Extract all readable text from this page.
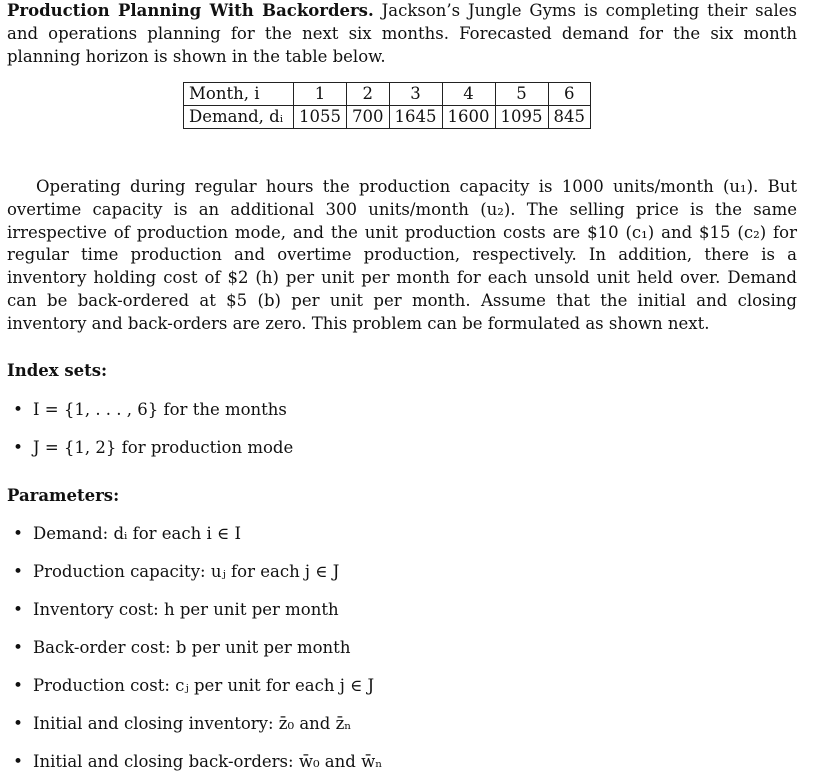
Production Planning With Backorders. Jackson’s Jungle Gyms is completing their sales and operations planning for the next six months. Forecasted demand for the six month planning horizon is shown in the table below.

Month, i	1	2	3	4	5	6
Demand, dᵢ	1055	700	1645	1600	1095	845

Operating during regular hours the production capacity is 1000 units/month (u₁). But overtime capacity is an additional 300 units/month (u₂). The selling price is the same irrespective of production mode, and the unit production costs are $10 (c₁) and $15 (c₂) for regular time production and overtime production, respectively. In addition, there is a inventory holding cost of $2 (h) per unit per month for each unsold unit held over. Demand can be back-ordered at $5 (b) per unit per month. Assume that the initial and closing inventory and back-orders are zero. This problem can be formulated as shown next.

Index sets:

• I = {1, . . . , 6} for the months
• J = {1, 2} for production mode

Parameters:

• Demand: dᵢ for each i ∈ I
• Production capacity: uⱼ for each j ∈ J
• Inventory cost: h per unit per month
• Back-order cost: b per unit per month
• Production cost: cⱼ per unit for each j ∈ J
• Initial and closing inventory: z̄₀ and z̄ₙ
• Initial and closing back-orders: w̄₀ and w̄ₙ
